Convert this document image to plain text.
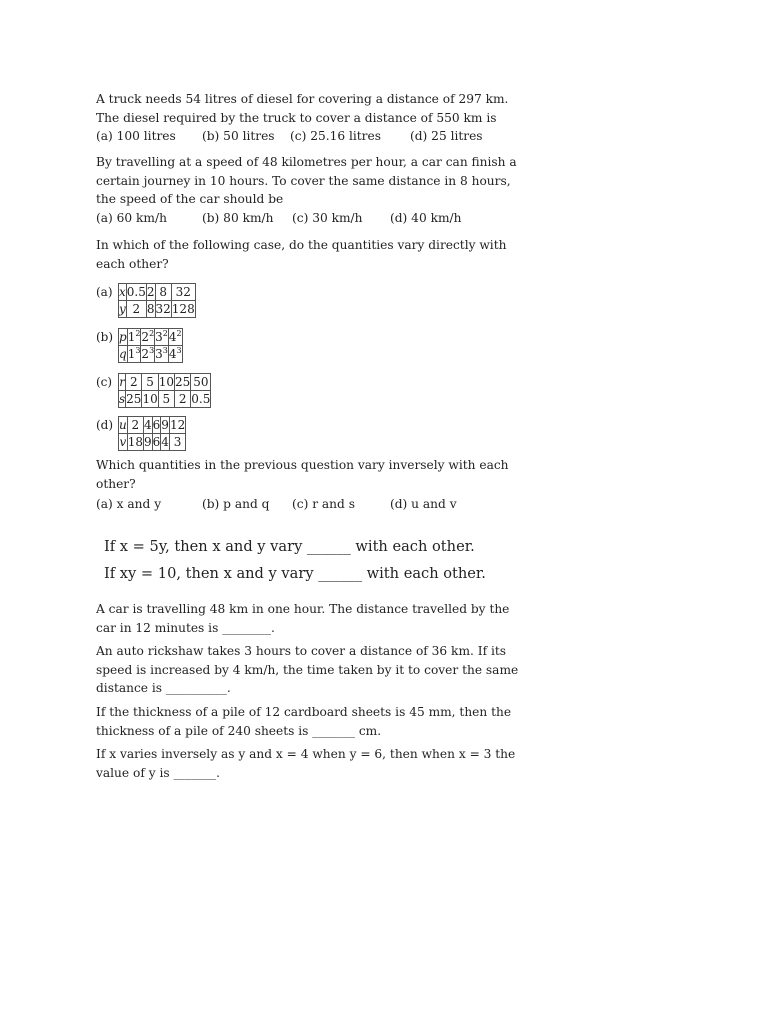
A truck needs 54 litres of diesel for covering a distance of 297 km.
The diesel required by the truck to cover a distance of 550 km is
(a) 100 litres (b) 50 litres (c) 25.16 litres (d) 25 litres
By travelling at a speed of 48 kilometres per hour, a car can finish a
certain journey in 10 hours. To cover the same distance in 8 hours,
the speed of the car should be
(a) 60 km/h	(b) 80 km/h (c) 30 km/h (d) 40 km/h
In which of the following case, do the quantities vary directly with
each other?
(a) x	0.5	2	8	32
y	2	8	32	128
(b) p	$1^2$	$2^2$	$3^2$	$4^2$
q	$1^3$	$2^3$	$3^3$	$4^3$
(c) r	2	5	10	25	50
s	25	10	5	2	0.5
(d) u	2	4	6	9	12
v	18	9	6	4	3
Which quantities in the previous question vary inversely with each
other?
(a) x and y	(b) p and q (c) r and s	(d) u and v
If x = 5y, then x and y vary ______ with each other.
If xy = 10, then x and y vary ______ with each other.
A car is travelling 48 km in one hour. The distance travelled by the
car in 12 minutes is ________.
An auto rickshaw takes 3 hours to cover a distance of 36 km. If its
speed is increased by 4 km/h, the time taken by it to cover the same
distance is __________.
If the thickness of a pile of 12 cardboard sheets is 45 mm, then the
thickness of a pile of 240 sheets is _______ cm.
If x varies inversely as y and x = 4 when y = 6, then when x = 3 the
value of y is _______.
